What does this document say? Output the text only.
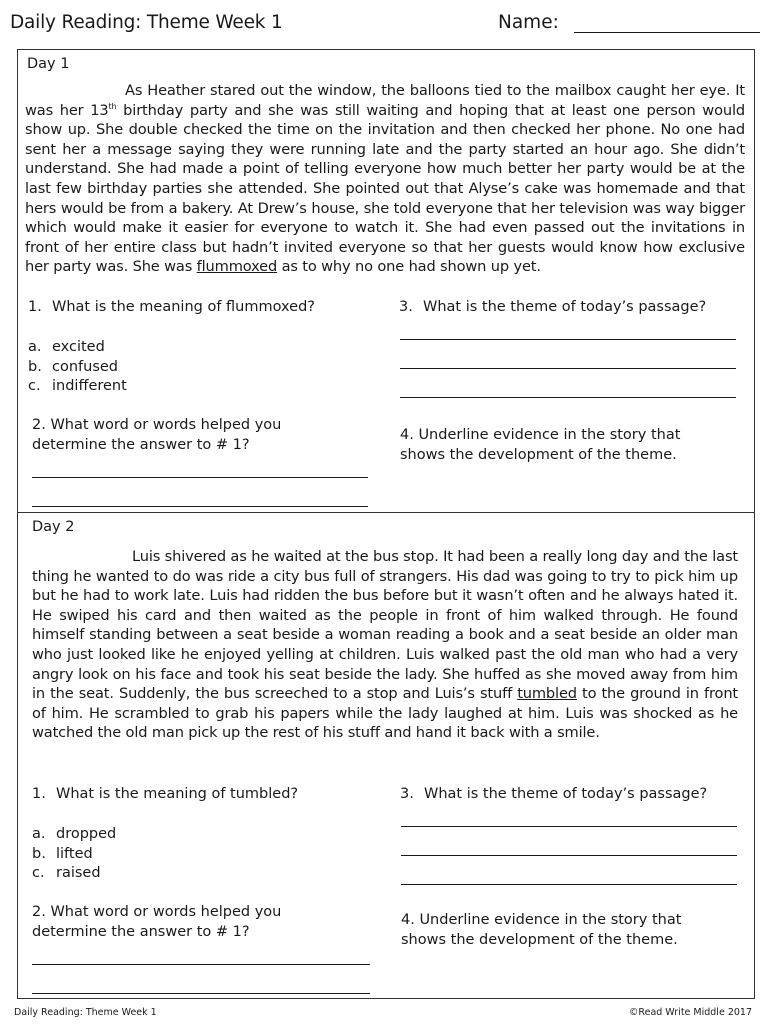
Daily Reading: Theme Week 1	Name:
Day 1
As Heather stared out the window, the balloons tied to the mailbox caught her eye. It was her 13th birthday party and she was still waiting and hoping that at least one person would show up. She double checked the time on the invitation and then checked her phone. No one had sent her a message saying they were running late and the party started an hour ago. She didn’t understand. She had made a point of telling everyone how much better her party would be at the last few birthday parties she attended. She pointed out that Alyse’s cake was homemade and that hers would be from a bakery. At Drew’s house, she told everyone that her television was way bigger which would make it easier for everyone to watch it. She had even passed out the invitations in front of her entire class but hadn’t invited everyone so that her guests would know how exclusive her party was. She was flummoxed as to why no one had shown up yet.
1. What is the meaning of flummoxed?
a. excited
b. confused
c. indifferent
2. What word or words helped you
determine the answer to # 1?
3. What is the theme of today’s passage?
4. Underline evidence in the story that
shows the development of the theme.
Day 2
Luis shivered as he waited at the bus stop. It had been a really long day and the last thing he wanted to do was ride a city bus full of strangers. His dad was going to try to pick him up but he had to work late. Luis had ridden the bus before but it wasn’t often and he always hated it. He swiped his card and then waited as the people in front of him walked through. He found himself standing between a seat beside a woman reading a book and a seat beside an older man who just looked like he enjoyed yelling at children. Luis walked past the old man who had a very angry look on his face and took his seat beside the lady. She huffed as she moved away from him in the seat. Suddenly, the bus screeched to a stop and Luis’s stuff tumbled to the ground in front of him. He scrambled to grab his papers while the lady laughed at him. Luis was shocked as he watched the old man pick up the rest of his stuff and hand it back with a smile.
1. What is the meaning of tumbled?
a. dropped
b. lifted
c. raised
2. What word or words helped you
determine the answer to # 1?
3. What is the theme of today’s passage?
4. Underline evidence in the story that
shows the development of the theme.
Daily Reading: Theme Week 1	©Read Write Middle 2017
